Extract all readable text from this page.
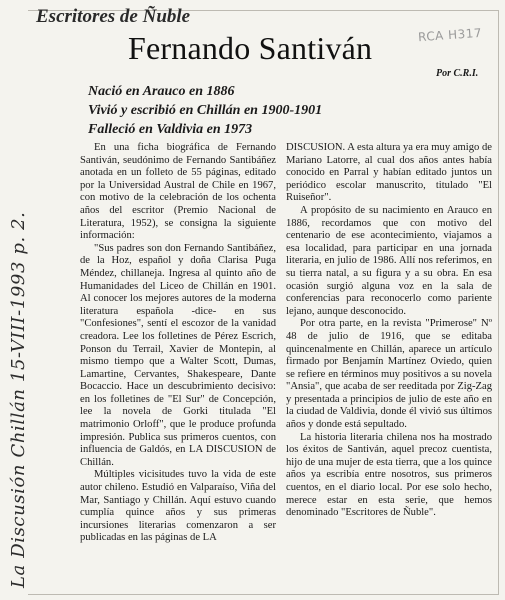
La Discusión Chillán 15-VIII-1993 p. 2.
Escritores de Ñuble
RCA H317
Fernando Santiván
Por C.R.I.
Nació en Arauco en 1886
Vivió y escribió en Chillán en 1900-1901
Falleció en Valdivia en 1973

En una ficha biográfica de Fernando Santiván, seudónimo de Fernando Santibáñez anotada en un folleto de 55 páginas, editado por la Universidad Austral de Chile en 1967, con motivo de la celebración de los ochenta años del escritor (Premio Nacional de Literatura, 1952), se consigna la siguiente información:

"Sus padres son don Fernando Santibáñez, de la Hoz, español y doña Clarisa Puga Méndez, chillaneja. Ingresa al quinto año de Humanidades del Liceo de Chillán en 1901. Al conocer los mejores autores de la moderna literatura española -dice- en sus "Confesiones", sentí el escozor de la vanidad creadora. Lee los folletines de Pérez Escrich, Ponson du Terrail, Xavier de Montepin, al mismo tiempo que a Walter Scott, Dumas, Lamartine, Cervantes, Shakespeare, Dante Bocaccio. Hace un descubrimiento decisivo: en los folletines de "El Sur" de Concepción, lee la novela de Gorki titulada "El matrimonio Orloff", que le produce profunda impresión. Publica sus primeros cuentos, con influencia de Galdós, en LA DISCUSION de Chillán.

Múltiples vicisitudes tuvo la vida de este autor chileno. Estudió en Valparaíso, Viña del Mar, Santiago y Chillán. Aquí estuvo cuando cumplía quince años y sus primeras incursiones literarias comenzaron a ser publicadas en las páginas de LA

DISCUSION. A esta altura ya era muy amigo de Mariano Latorre, al cual dos años antes había conocido en Parral y habían editado juntos un periódico escolar manuscrito, titulado "El Ruiseñor".

A propósito de su nacimiento en Arauco en 1886, recordamos que con motivo del centenario de ese acontecimiento, viajamos a esa localidad, para participar en una jornada literaria, en julio de 1986. Allí nos referimos, en su tierra natal, a su figura y a su obra. En esa ocasión surgió alguna voz en la sala de conferencias para reconocerlo como pariente lejano, aunque desconocido.

Por otra parte, en la revista "Primerose" Nº 48 de julio de 1916, que se editaba quincenalmente en Chillán, aparece un artículo firmado por Benjamín Martínez Oviedo, quien se refiere en términos muy positivos a su novela "Ansia", que acaba de ser reeditada por Zig-Zag y presentada a principios de julio de este año en la ciudad de Valdivia, donde él vivió sus últimos años y donde está sepultado.

La historia literaria chilena nos ha mostrado los éxitos de Santiván, aquel precoz cuentista, hijo de una mujer de esta tierra, que a los quince años ya escribía entre nosotros, sus primeros cuentos, en el diario local. Por ese solo hecho, merece estar en esta serie, que hemos denominado "Escritores de Ñuble".
